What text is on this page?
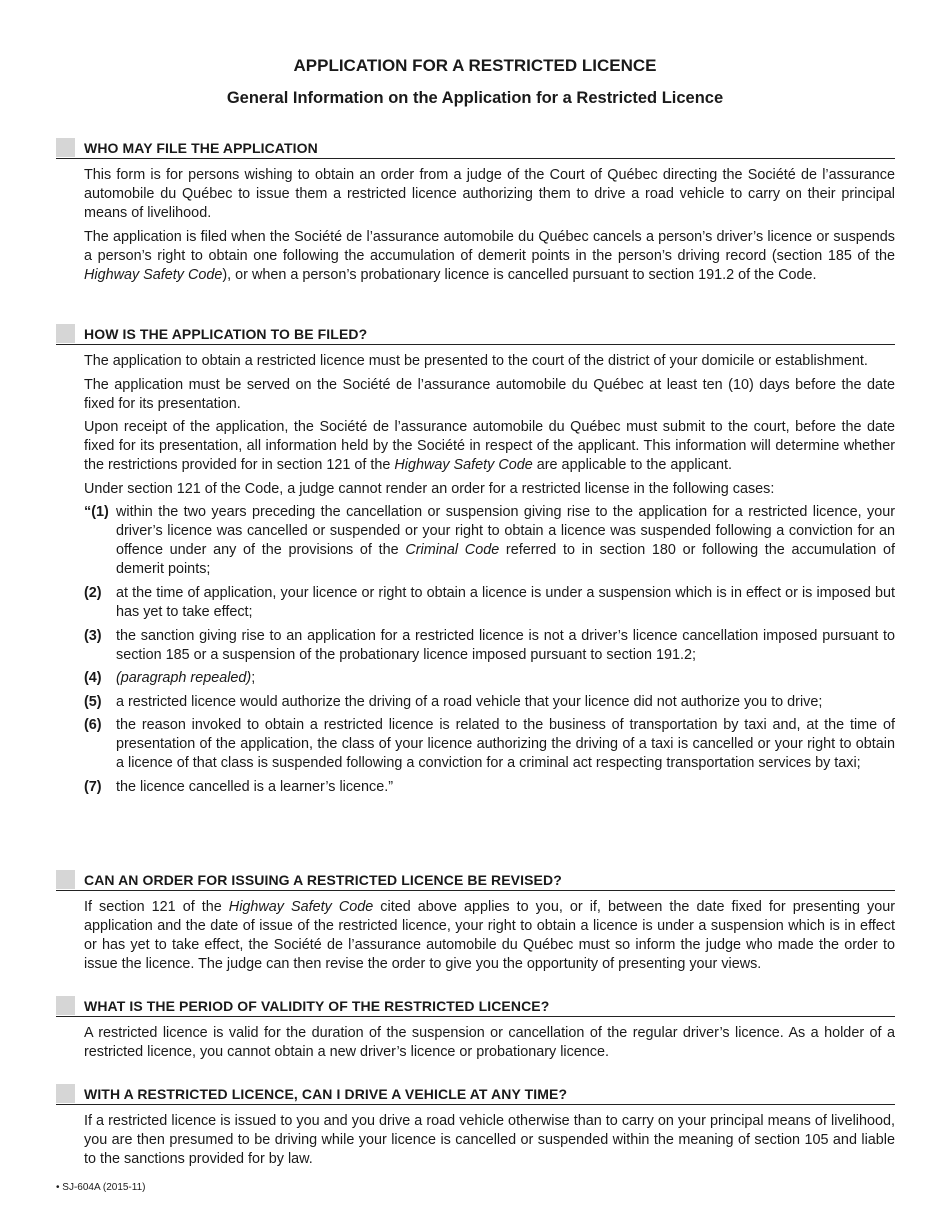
APPLICATION FOR A RESTRICTED LICENCE
General Information on the Application for a Restricted Licence
WHO MAY FILE THE APPLICATION

This form is for persons wishing to obtain an order from a judge of the Court of Québec directing the Société de l’assurance automobile du Québec to issue them a restricted licence authorizing them to drive a road vehicle to carry on their principal means of livelihood.

The application is filed when the Société de l’assurance automobile du Québec cancels a person’s driver’s licence or suspends a person’s right to obtain one following the accumulation of demerit points in the person’s driving record (section 185 of the Highway Safety Code), or when a person’s probationary licence is cancelled pursuant to section 191.2 of the Code.

HOW IS THE APPLICATION TO BE FILED?

The application to obtain a restricted licence must be presented to the court of the district of your domicile or establishment.

The application must be served on the Société de l’assurance automobile du Québec at least ten (10) days before the date fixed for its presentation.

Upon receipt of the application, the Société de l’assurance automobile du Québec must submit to the court, before the date fixed for its presentation, all information held by the Société in respect of the applicant. This information will determine whether the restrictions provided for in section 121 of the Highway Safety Code are applicable to the applicant.

Under section 121 of the Code, a judge cannot render an order for a restricted license in the following cases:

“(1) within the two years preceding the cancellation or suspension giving rise to the application for a restricted licence, your driver’s licence was cancelled or suspended or your right to obtain a licence was suspended following a conviction for an offence under any of the provisions of the Criminal Code referred to in section 180 or following the accumulation of demerit points;
(2) at the time of application, your licence or right to obtain a licence is under a suspension which is in effect or is imposed but has yet to take effect;
(3) the sanction giving rise to an application for a restricted licence is not a driver’s licence cancellation imposed pursuant to section 185 or a suspension of the probationary licence imposed pursuant to section 191.2;
(4) (paragraph repealed);
(5) a restricted licence would authorize the driving of a road vehicle that your licence did not authorize you to drive;
(6) the reason invoked to obtain a restricted licence is related to the business of transportation by taxi and, at the time of presentation of the application, the class of your licence authorizing the driving of a taxi is cancelled or your right to obtain a licence of that class is suspended following a conviction for a criminal act respecting transportation services by taxi;
(7) the licence cancelled is a learner’s licence.”
CAN AN ORDER FOR ISSUING A RESTRICTED LICENCE BE REVISED?

If section 121 of the Highway Safety Code cited above applies to you, or if, between the date fixed for presenting your application and the date of issue of the restricted licence, your right to obtain a licence is under a suspension which is in effect or has yet to take effect, the Société de l’assurance automobile du Québec must so inform the judge who made the order to issue the licence. The judge can then revise the order to give you the opportunity of presenting your views.

WHAT IS THE PERIOD OF VALIDITY OF THE RESTRICTED LICENCE?

A restricted licence is valid for the duration of the suspension or cancellation of the regular driver’s licence. As a holder of a restricted licence, you cannot obtain a new driver’s licence or probationary licence.

WITH A RESTRICTED LICENCE, CAN I DRIVE A VEHICLE AT ANY TIME?

If a restricted licence is issued to you and you drive a road vehicle otherwise than to carry on your principal means of livelihood, you are then presumed to be driving while your licence is cancelled or suspended within the meaning of section 105 and liable to the sanctions provided for by law.

• SJ-604A (2015-11)
